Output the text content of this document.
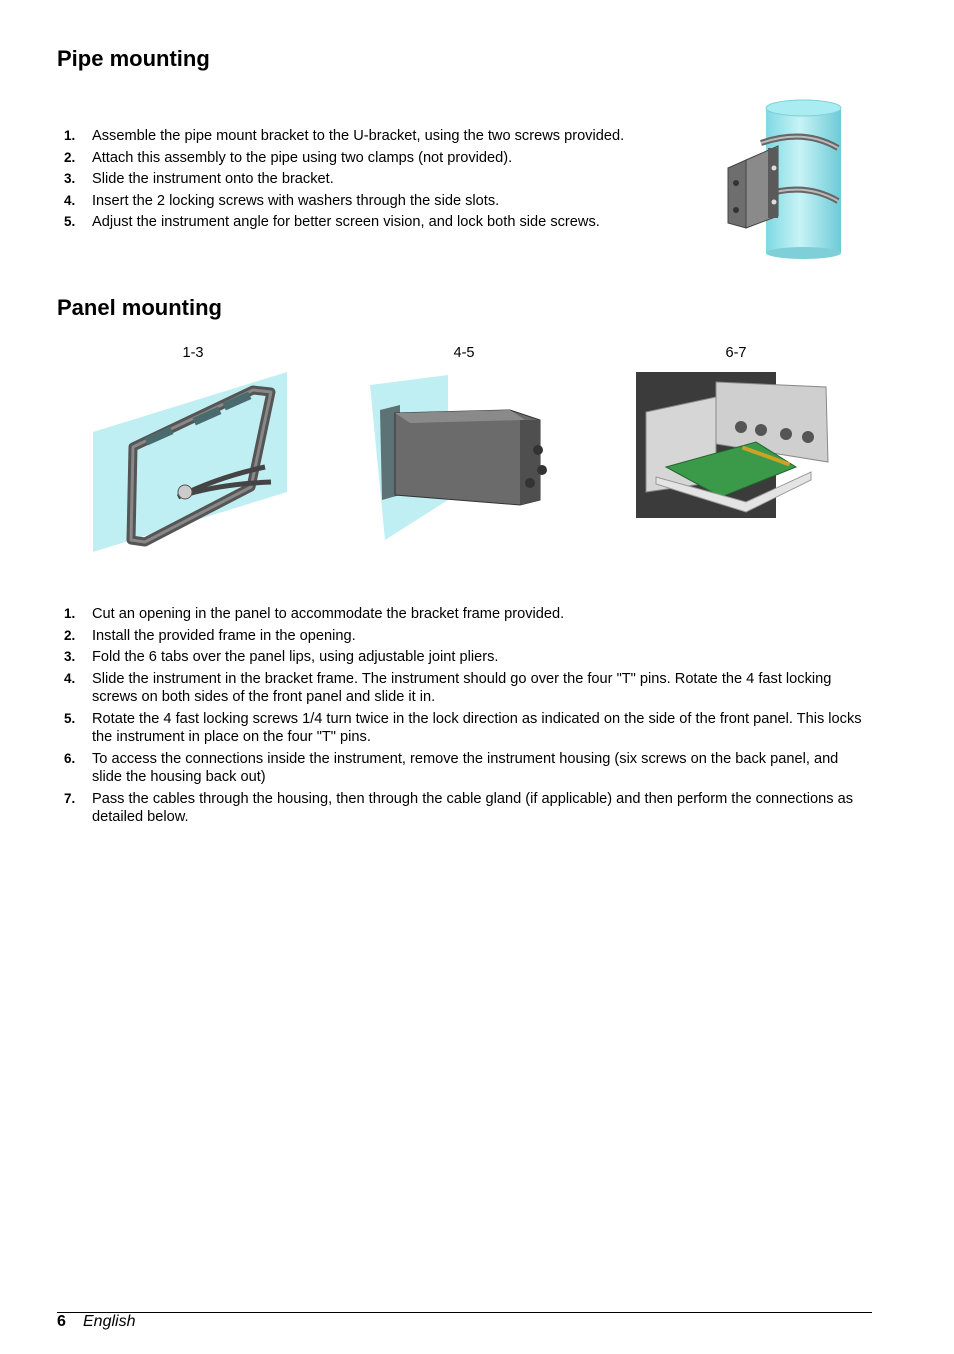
Pipe mounting
1. Assemble the pipe mount bracket to the U-bracket, using the two screws provided.
2. Attach this assembly to the pipe using two clamps (not provided).
3. Slide the instrument onto the bracket.
4. Insert the 2 locking screws with washers through the side slots.
5. Adjust the instrument angle for better screen vision, and lock both side screws.
Panel mounting
1-3	4-5	6-7
1. Cut an opening in the panel to accommodate the bracket frame provided.
2. Install the provided frame in the opening.
3. Fold the 6 tabs over the panel lips, using adjustable joint pliers.
4. Slide the instrument in the bracket frame. The instrument should go over the four "T" pins. Rotate the 4 fast locking screws on both sides of the front panel and slide it in.
5. Rotate the 4 fast locking screws 1/4 turn twice in the lock direction as indicated on the side of the front panel. This locks the instrument in place on the four "T" pins.
6. To access the connections inside the instrument, remove the instrument housing (six screws on the back panel, and slide the housing back out)
7. Pass the cables through the housing, then through the cable gland (if applicable) and then perform the connections as detailed below.
6 English
